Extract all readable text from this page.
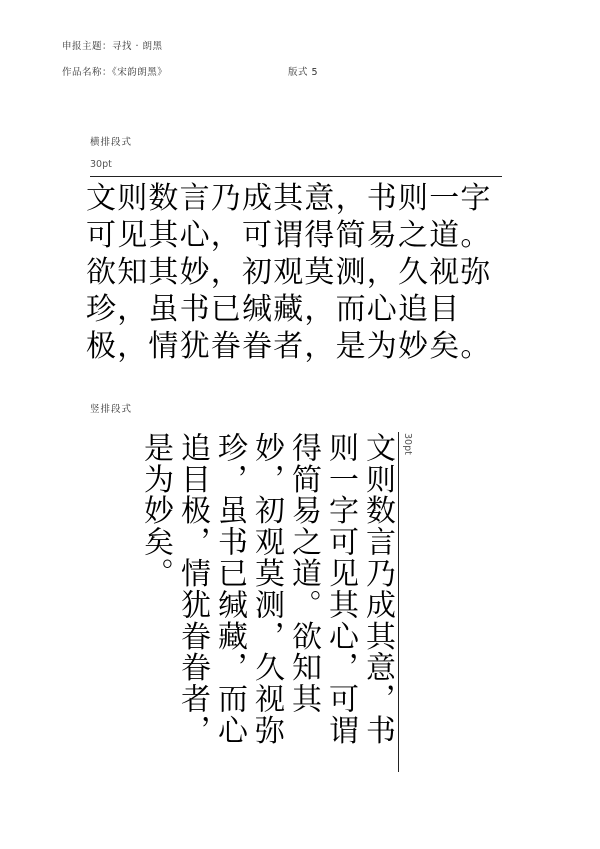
申报主题：寻找 · 朗黑
作品名称：《宋韵朗黑》	版式 5
横排段式
30pt

文则数言乃成其意，书则一字可见其心，可谓得简易之道。欲知其妙，初观莫测，久视弥珍，虽书已缄藏，而心追目极，情犹眷眷者，是为妙矣。

竖排段式

文则数言乃成其意，书则一字可见其心，可谓得简易之道。欲知其妙，初观莫测，久视弥珍，虽书已缄藏，而心追目极，情犹眷眷者，是为妙矣。	30pt
